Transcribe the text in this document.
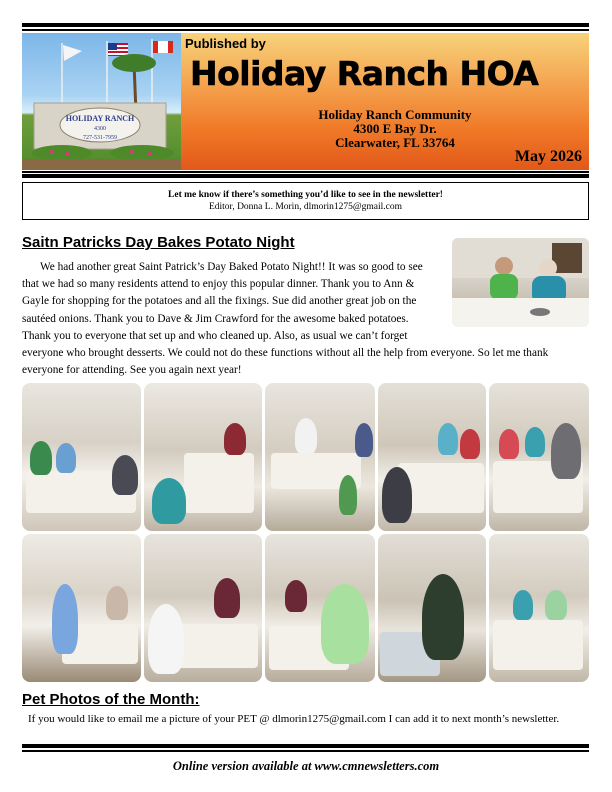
HOLIDAY RANCH
4300
727-531-7959
Published by
Holiday Ranch HOA
Holiday Ranch Community
4300 E Bay Dr.
Clearwater, FL 33764
May 2026
Let me know if there’s something you’d like to see in the newsletter!
Editor, Donna L. Morin, dlmorin1275@gmail.com
Saitn Patricks Day Bakes Potato Night
We had another great Saint Patrick’s Day Baked Potato Night!! It was so good to see
that we had so many residents attend to enjoy this popular dinner. Thank you to Ann &
Gayle for shopping for the potatoes and all the fixings. Sue did another great job on the
sautéed onions. Thank you to Dave & Jim Crawford for the awesome baked potatoes.
Thank you to everyone that set up and who cleaned up. Also, as usual we can’t forget
everyone who brought desserts. We could not do these functions without all the help from everyone. So let me thank
everyone for attending. See you again next year!
Pet Photos of the Month:
If you would like to email me a picture of your PET @ dlmorin1275@gmail.com I can add it to next month’s newsletter.
Online version available at www.cmnewsletters.com
